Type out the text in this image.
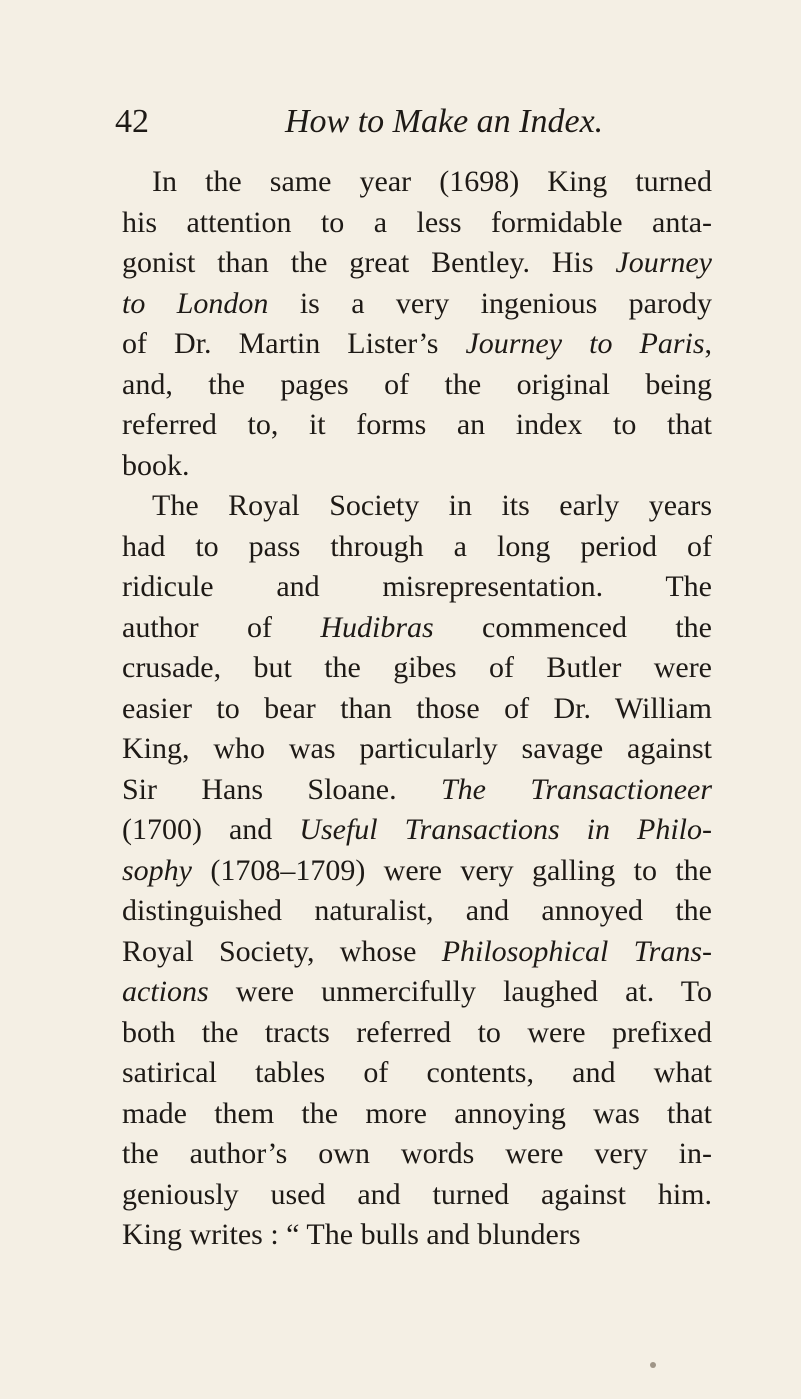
42	How to Make an Index.
In the same year (1698) King turned
his attention to a less formidable anta-
gonist than the great Bentley. His Journey
to London is a very ingenious parody
of Dr. Martin Lister’s Journey to Paris,
and, the pages of the original being
referred to, it forms an index to that
book.
The Royal Society in its early years
had to pass through a long period of
ridicule and misrepresentation. The
author of Hudibras commenced the
crusade, but the gibes of Butler were
easier to bear than those of Dr. William
King, who was particularly savage against
Sir Hans Sloane. The Transactioneer
(1700) and Useful Transactions in Philo-
sophy (1708–1709) were very galling to the
distinguished naturalist, and annoyed the
Royal Society, whose Philosophical Trans-
actions were unmercifully laughed at. To
both the tracts referred to were prefixed
satirical tables of contents, and what
made them the more annoying was that
the author’s own words were very in-
geniously used and turned against him.
King writes : “ The bulls and blunders
